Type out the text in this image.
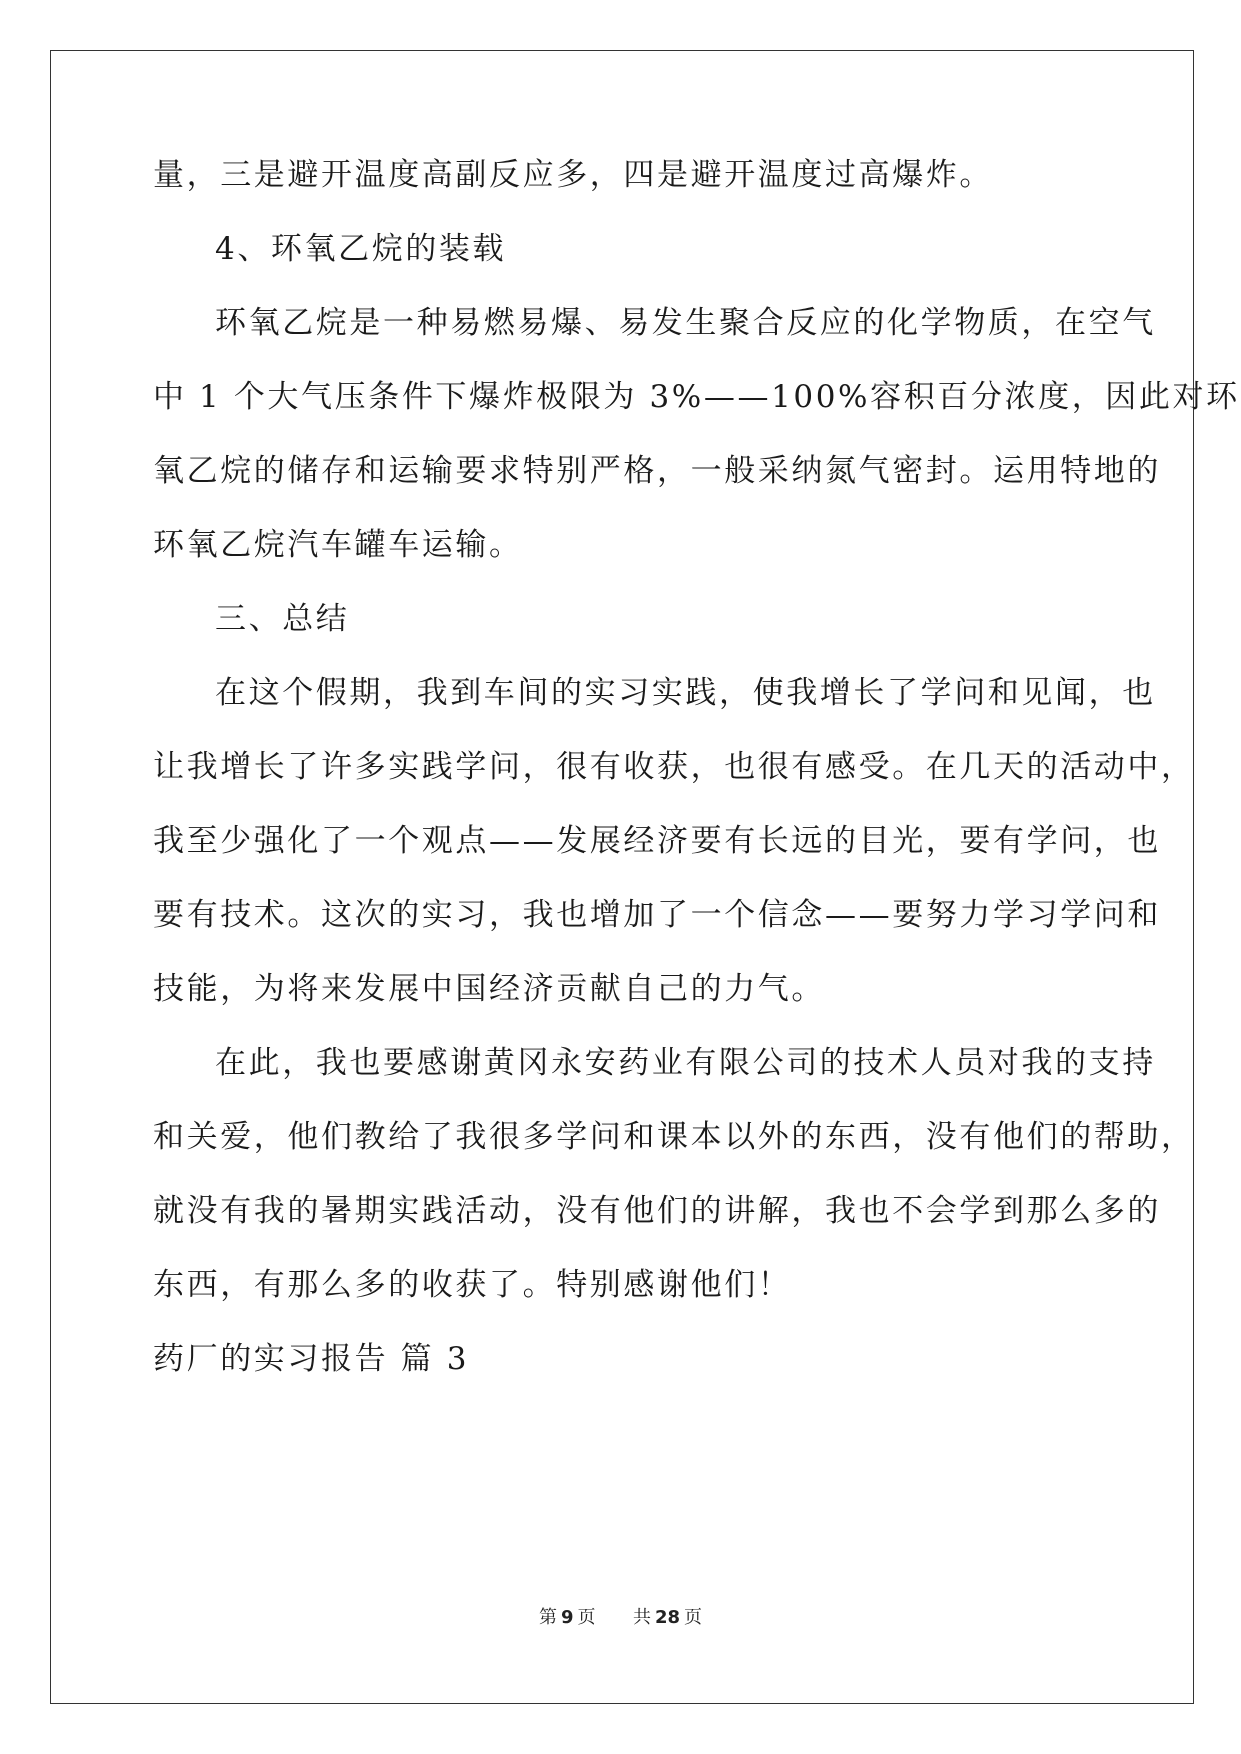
量，三是避开温度高副反应多，四是避开温度过高爆炸。
4、环氧乙烷的装载
环氧乙烷是一种易燃易爆、易发生聚合反应的化学物质，在空气
中 1 个大气压条件下爆炸极限为 3%——100%容积百分浓度，因此对环
氧乙烷的储存和运输要求特别严格，一般采纳氮气密封。运用特地的
环氧乙烷汽车罐车运输。
三、总结
在这个假期，我到车间的实习实践，使我增长了学问和见闻，也
让我增长了许多实践学问，很有收获，也很有感受。在几天的活动中，
我至少强化了一个观点——发展经济要有长远的目光，要有学问，也
要有技术。这次的实习，我也增加了一个信念——要努力学习学问和
技能，为将来发展中国经济贡献自己的力气。
在此，我也要感谢黄冈永安药业有限公司的技术人员对我的支持
和关爱，他们教给了我很多学问和课本以外的东西，没有他们的帮助，
就没有我的暑期实践活动，没有他们的讲解，我也不会学到那么多的
东西，有那么多的收获了。特别感谢他们！
药厂的实习报告 篇 3
第 9 页 共 28 页
